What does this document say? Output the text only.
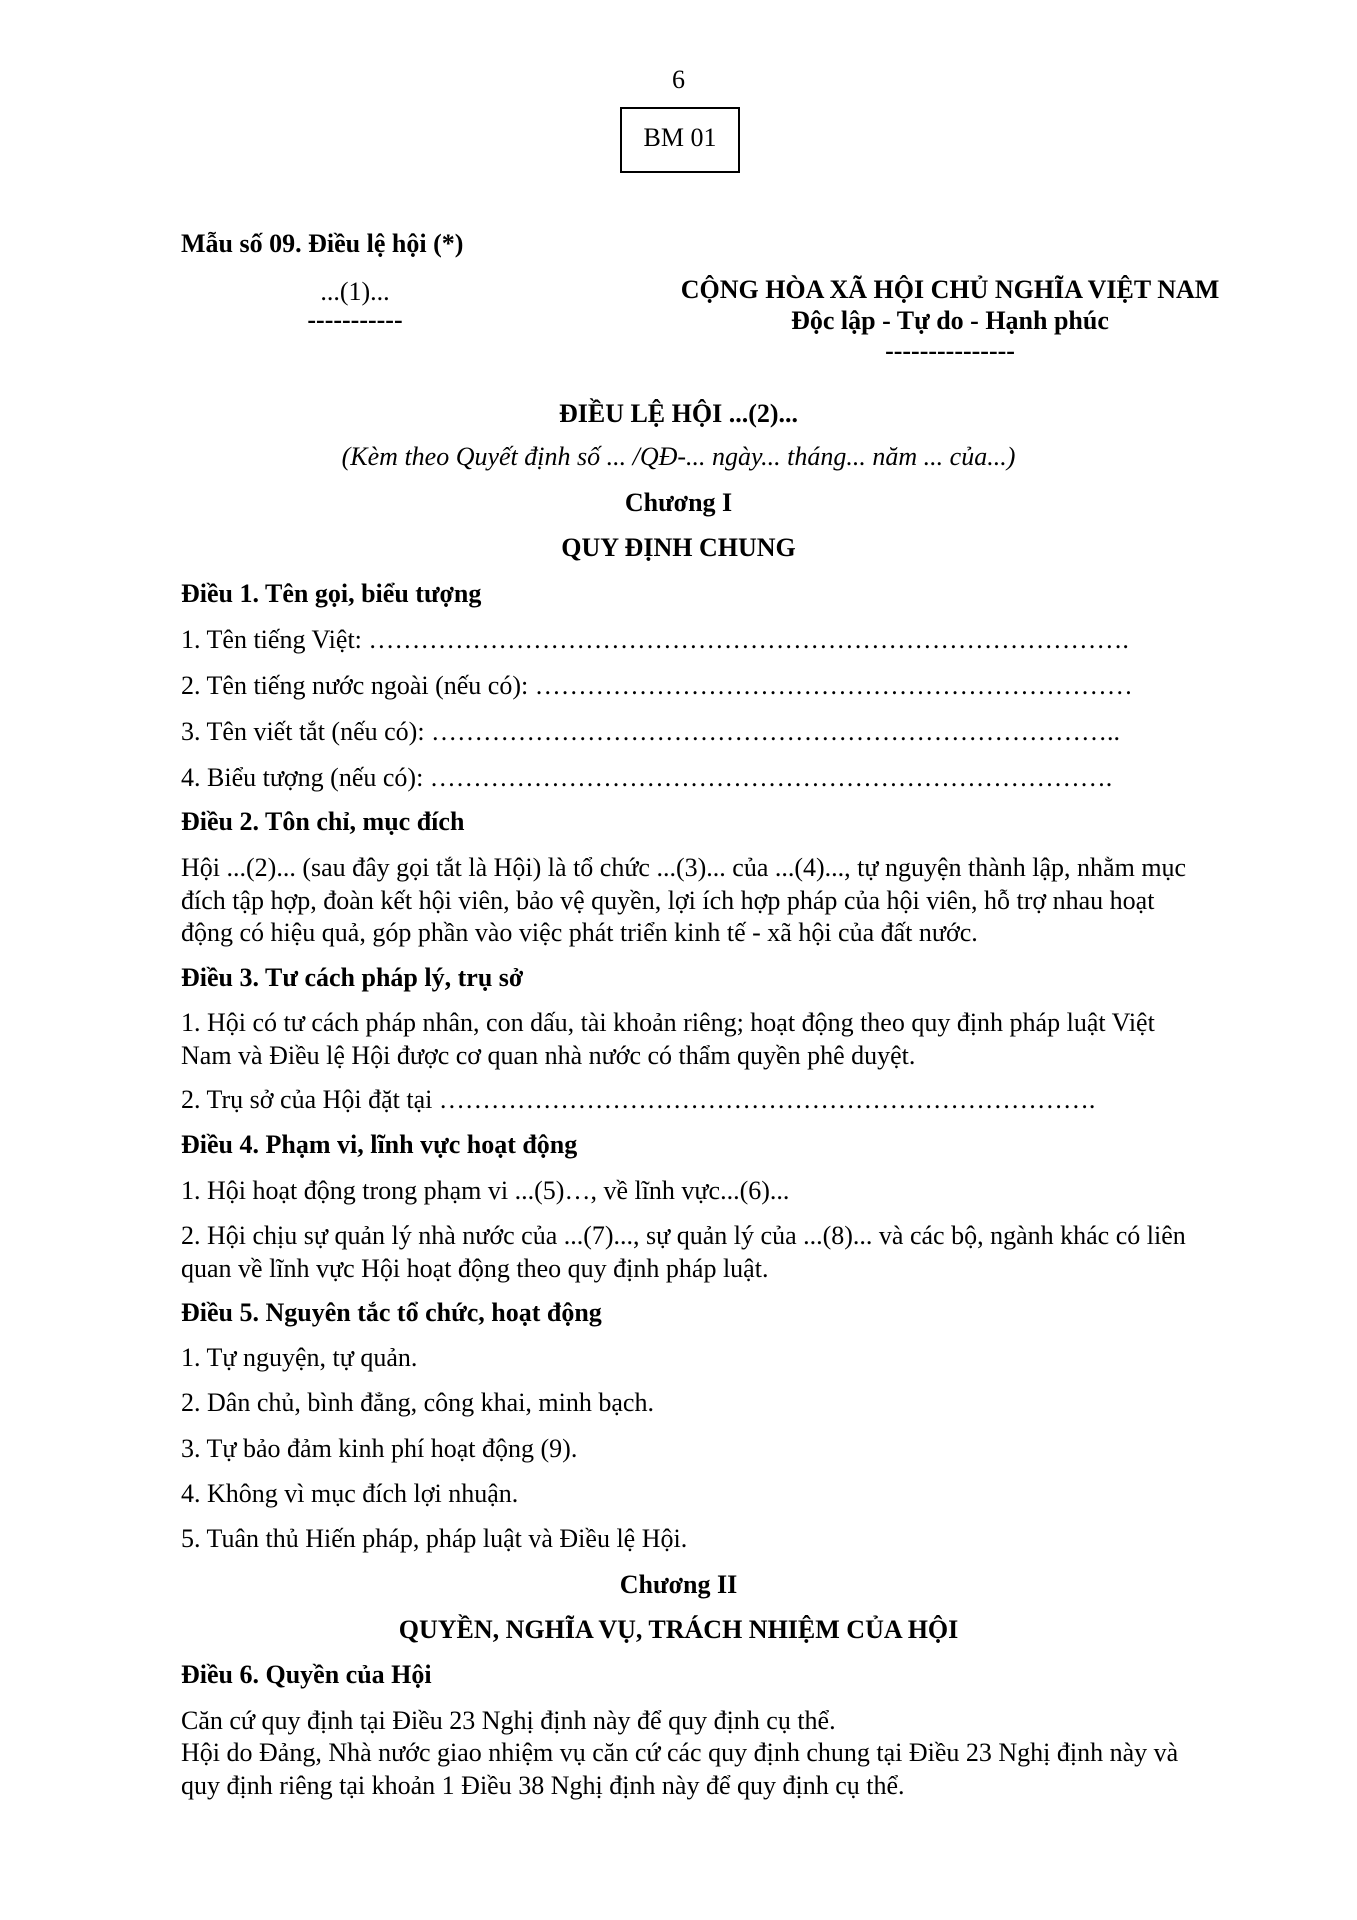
6
BM 01
Mẫu số 09. Điều lệ hội (*)
...(1)...
-----------
CỘNG HÒA XÃ HỘI CHỦ NGHĨA VIỆT NAM
Độc lập - Tự do - Hạnh phúc
---------------
ĐIỀU LỆ HỘI ...(2)...
(Kèm theo Quyết định số ... /QĐ-... ngày... tháng... năm ... của...)
Chương I
QUY ĐỊNH CHUNG
Điều 1. Tên gọi, biểu tượng
1. Tên tiếng Việt: …………………………………………………………………………….
2. Tên tiếng nước ngoài (nếu có): ……………………………………………………………
3. Tên viết tắt (nếu có): ……………………………………………………………………..
4. Biểu tượng (nếu có): …………………………………………………………………….
Điều 2. Tôn chỉ, mục đích
Hội ...(2)... (sau đây gọi tắt là Hội) là tổ chức ...(3)... của ...(4)..., tự nguyện thành lập, nhằm mục đích tập hợp, đoàn kết hội viên, bảo vệ quyền, lợi ích hợp pháp của hội viên, hỗ trợ nhau hoạt động có hiệu quả, góp phần vào việc phát triển kinh tế - xã hội của đất nước.
Điều 3. Tư cách pháp lý, trụ sở
1. Hội có tư cách pháp nhân, con dấu, tài khoản riêng; hoạt động theo quy định pháp luật Việt Nam và Điều lệ Hội được cơ quan nhà nước có thẩm quyền phê duyệt.
2. Trụ sở của Hội đặt tại ………………………………………………………………….
Điều 4. Phạm vi, lĩnh vực hoạt động
1. Hội hoạt động trong phạm vi ...(5)…, về lĩnh vực...(6)...
2. Hội chịu sự quản lý nhà nước của ...(7)..., sự quản lý của ...(8)... và các bộ, ngành khác có liên quan về lĩnh vực Hội hoạt động theo quy định pháp luật.
Điều 5. Nguyên tắc tổ chức, hoạt động
1. Tự nguyện, tự quản.
2. Dân chủ, bình đẳng, công khai, minh bạch.
3. Tự bảo đảm kinh phí hoạt động (9).
4. Không vì mục đích lợi nhuận.
5. Tuân thủ Hiến pháp, pháp luật và Điều lệ Hội.
Chương II
QUYỀN, NGHĨA VỤ, TRÁCH NHIỆM CỦA HỘI
Điều 6. Quyền của Hội
Căn cứ quy định tại Điều 23 Nghị định này để quy định cụ thể.
Hội do Đảng, Nhà nước giao nhiệm vụ căn cứ các quy định chung tại Điều 23 Nghị định này và quy định riêng tại khoản 1 Điều 38 Nghị định này để quy định cụ thể.
